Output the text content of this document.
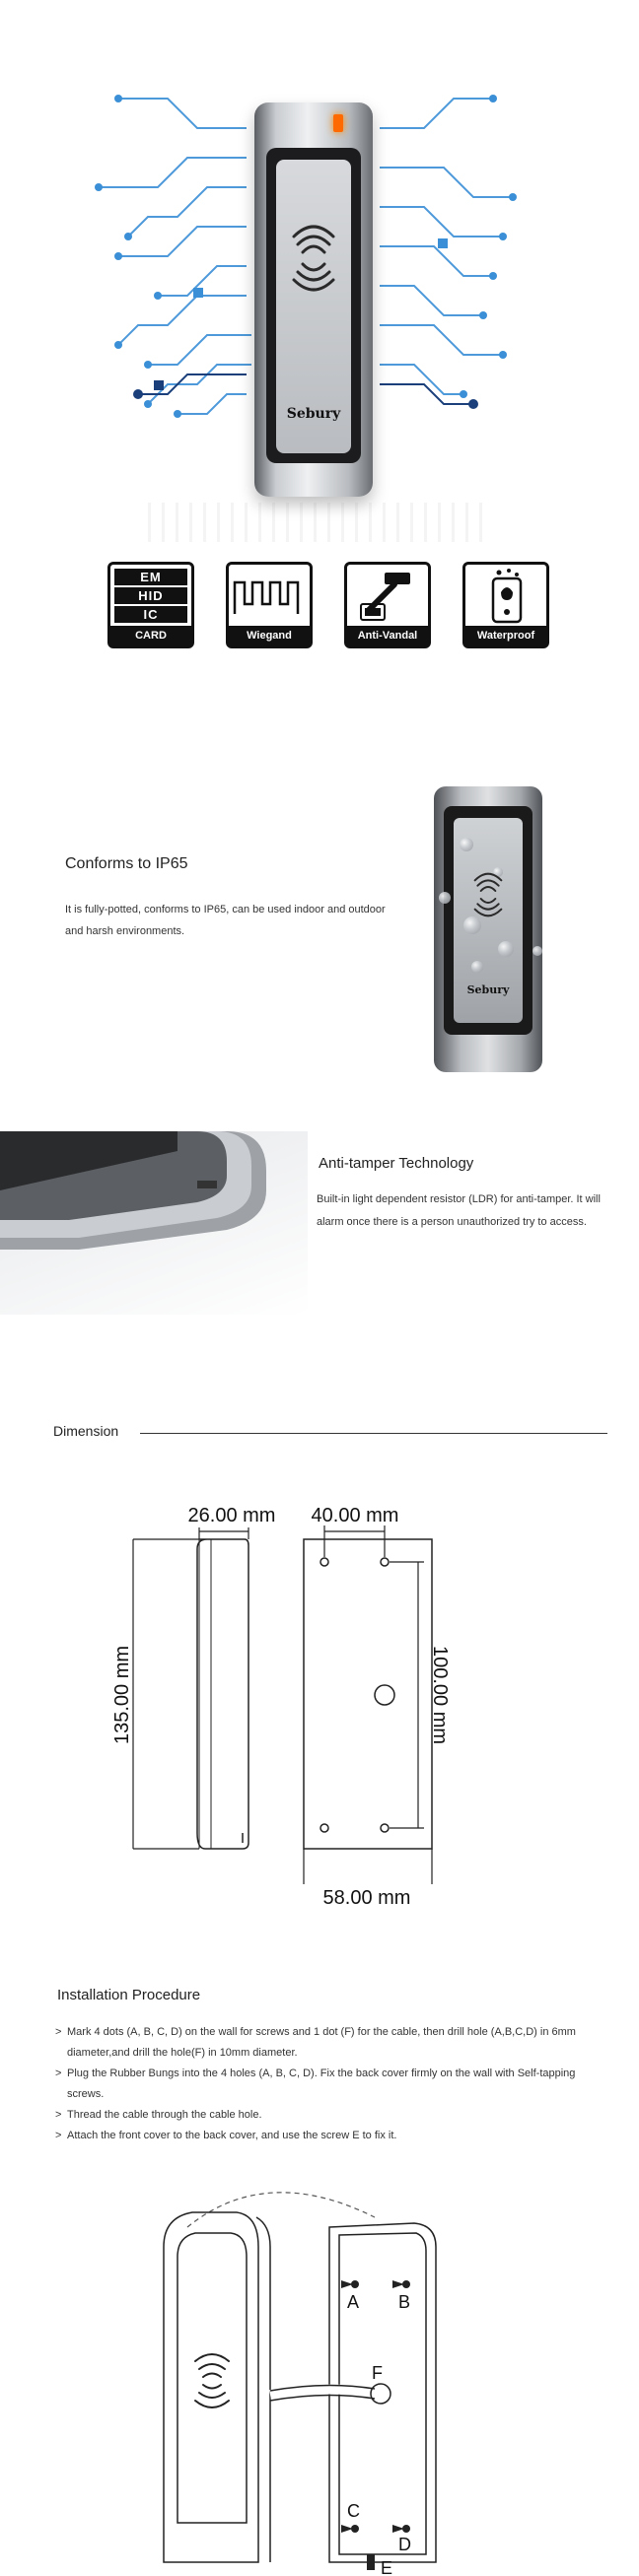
Sebury
EM
HID
IC
CARD	Wiegand	Anti-Vandal	Waterproof
Conforms to IP65
It is fully-potted, conforms to IP65, can be used indoor and outdoor and harsh environments.
Sebury
Anti-tamper Technology
Built-in light dependent resistor (LDR) for anti-tamper. It will alarm once there is a person unauthorized try to access.
Dimension
26.00 mm
135.00 mm
40.00 mm
100.00 mm
58.00 mm
Installation Procedure
> Mark 4 dots (A, B, C, D) on the wall for screws and 1 dot (F) for the cable, then drill hole (A,B,C,D) in 6mm diameter,and drill the hole(F) in 10mm diameter.
> Plug the Rubber Bungs into the 4 holes (A, B, C, D). Fix the back cover firmly on the wall with Self-tapping screws.
> Thread the cable through the cable hole.
> Attach the front cover to the back cover, and use the screw E to fix it.
A B
F
C
D
E
